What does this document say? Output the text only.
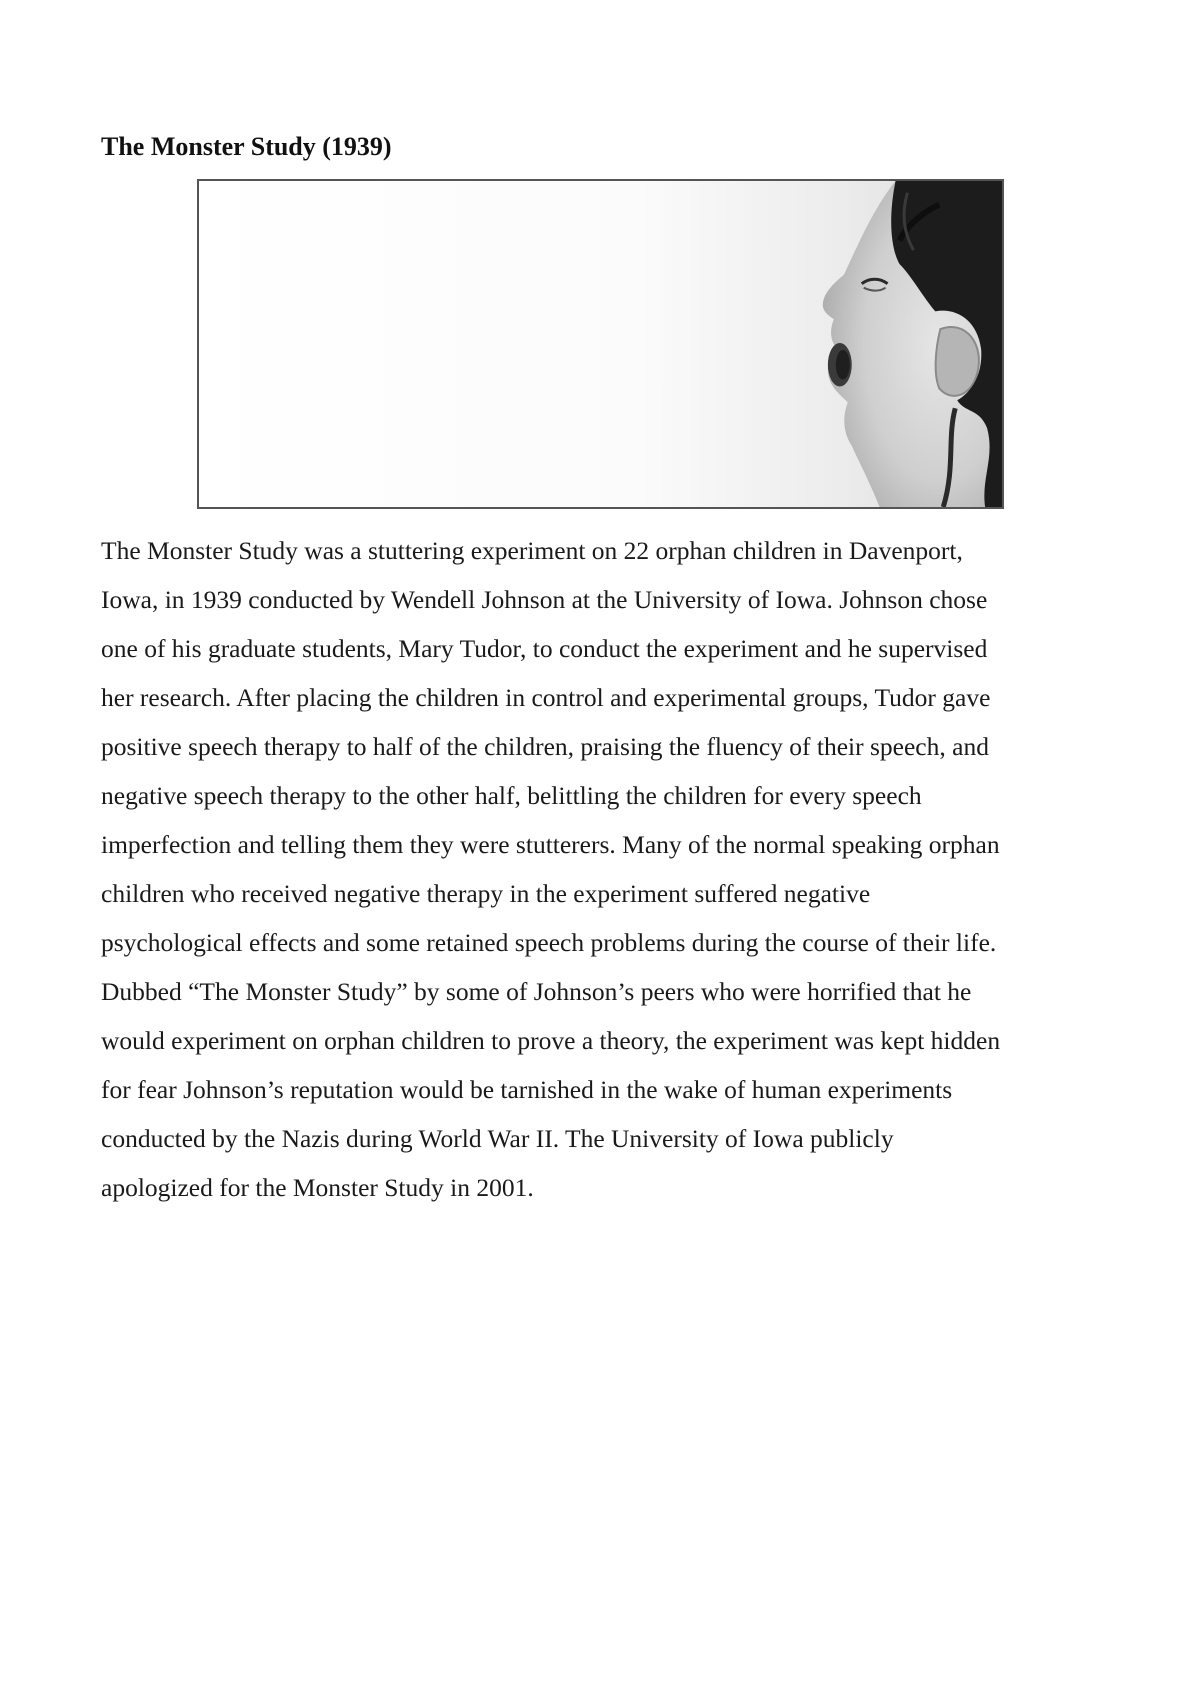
The Monster Study (1939)

The Monster Study was a stuttering experiment on 22 orphan children in Davenport,
Iowa, in 1939 conducted by Wendell Johnson at the University of Iowa. Johnson chose
one of his graduate students, Mary Tudor, to conduct the experiment and he supervised
her research. After placing the children in control and experimental groups, Tudor gave
positive speech therapy to half of the children, praising the fluency of their speech, and
negative speech therapy to the other half, belittling the children for every speech
imperfection and telling them they were stutterers. Many of the normal speaking orphan
children who received negative therapy in the experiment suffered negative
psychological effects and some retained speech problems during the course of their life.
Dubbed “The Monster Study” by some of Johnson’s peers who were horrified that he
would experiment on orphan children to prove a theory, the experiment was kept hidden
for fear Johnson’s reputation would be tarnished in the wake of human experiments
conducted by the Nazis during World War II. The University of Iowa publicly
apologized for the Monster Study in 2001.
